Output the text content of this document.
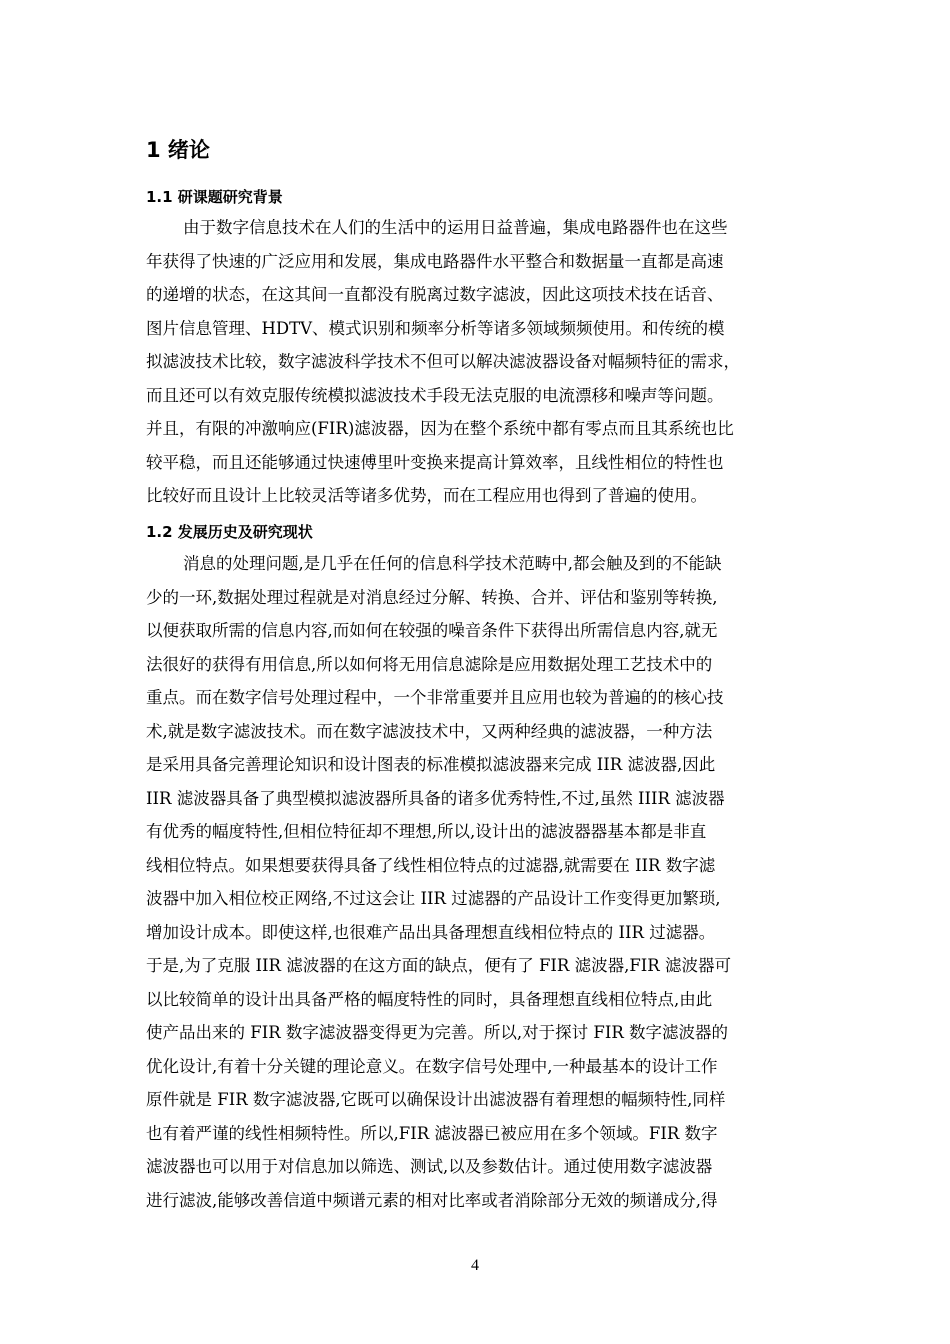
1 绪论
1.1 研课题研究背景
由于数字信息技术在人们的生活中的运用日益普遍，集成电路器件也在这些
年获得了快速的广泛应用和发展，集成电路器件水平整合和数据量一直都是高速
的递增的状态，在这其间一直都没有脱离过数字滤波，因此这项技术技在话音、
图片信息管理、HDTV、模式识别和频率分析等诸多领域频频使用。和传统的模
拟滤波技术比较，数字滤波科学技术不但可以解决滤波器设备对幅频特征的需求，
而且还可以有效克服传统模拟滤波技术手段无法克服的电流漂移和噪声等问题。
并且，有限的冲激响应(FIR)滤波器，因为在整个系统中都有零点而且其系统也比
较平稳，而且还能够通过快速傅里叶变换来提高计算效率，且线性相位的特性也
比较好而且设计上比较灵活等诸多优势，而在工程应用也得到了普遍的使用。
1.2 发展历史及研究现状
消息的处理问题,是几乎在任何的信息科学技术范畴中,都会触及到的不能缺
少的一环,数据处理过程就是对消息经过分解、转换、合并、评估和鉴别等转换,
以便获取所需的信息内容,而如何在较强的噪音条件下获得出所需信息内容,就无
法很好的获得有用信息,所以如何将无用信息滤除是应用数据处理工艺技术中的
重点。而在数字信号处理过程中，一个非常重要并且应用也较为普遍的的核心技
术,就是数字滤波技术。而在数字滤波技术中，又两种经典的滤波器，一种方法
是采用具备完善理论知识和设计图表的标准模拟滤波器来完成 IIR 滤波器,因此
IIR 滤波器具备了典型模拟滤波器所具备的诸多优秀特性,不过,虽然 IIIR 滤波器
有优秀的幅度特性,但相位特征却不理想,所以,设计出的滤波器器基本都是非直
线相位特点。如果想要获得具备了线性相位特点的过滤器,就需要在 IIR 数字滤
波器中加入相位校正网络,不过这会让 IIR 过滤器的产品设计工作变得更加繁琐,
增加设计成本。即使这样,也很难产品出具备理想直线相位特点的 IIR 过滤器。
于是,为了克服 IIR 滤波器的在这方面的缺点，便有了 FIR 滤波器,FIR 滤波器可
以比较简单的设计出具备严格的幅度特性的同时，具备理想直线相位特点,由此
使产品出来的 FIR 数字滤波器变得更为完善。所以,对于探讨 FIR 数字滤波器的
优化设计,有着十分关键的理论意义。在数字信号处理中,一种最基本的设计工作
原件就是 FIR 数字滤波器,它既可以确保设计出滤波器有着理想的幅频特性,同样
也有着严谨的线性相频特性。所以,FIR 滤波器已被应用在多个领域。FIR 数字
滤波器也可以用于对信息加以筛选、测试,以及参数估计。通过使用数字滤波器
进行滤波,能够改善信道中频谱元素的相对比率或者消除部分无效的频谱成分,得
4
